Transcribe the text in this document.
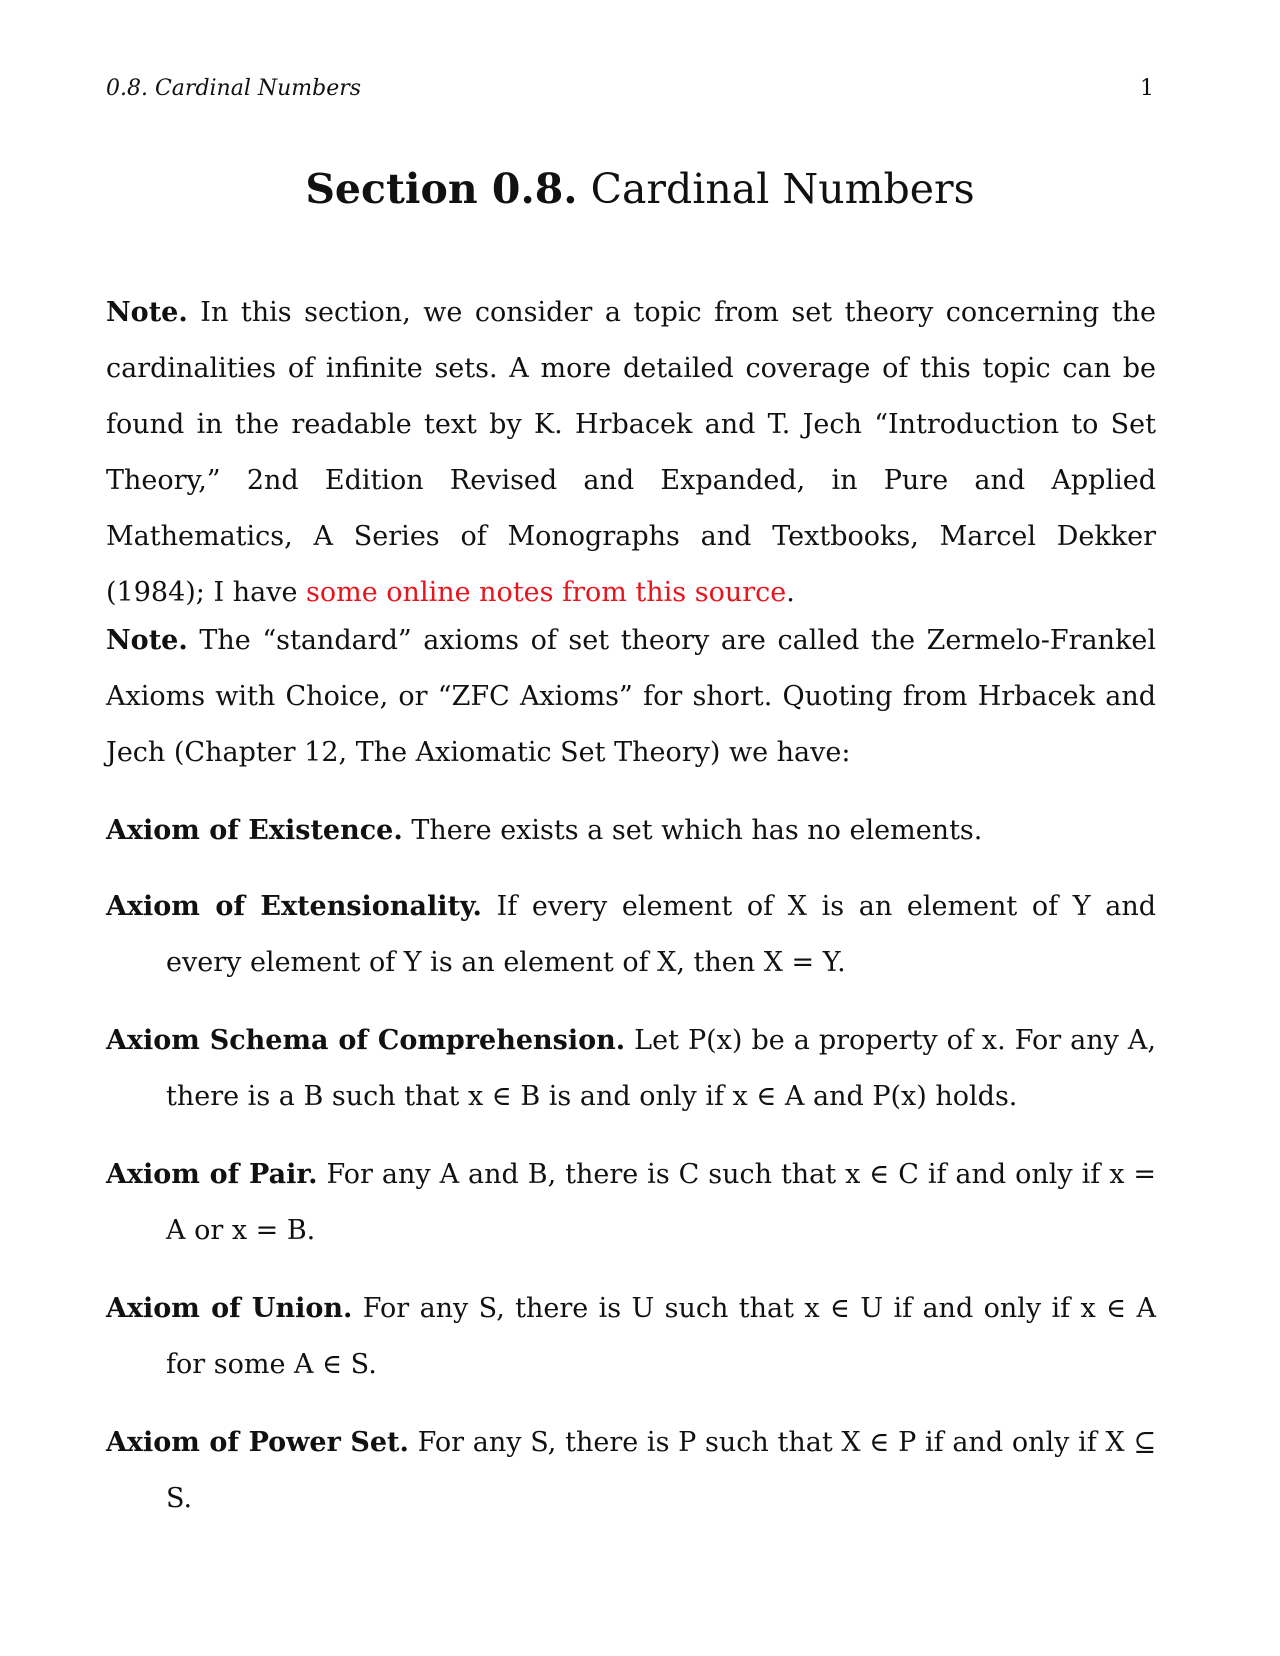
0.8. Cardinal Numbers	1
Section 0.8. Cardinal Numbers

Note. In this section, we consider a topic from set theory concerning the cardinalities of infinite sets. A more detailed coverage of this topic can be found in the readable text by K. Hrbacek and T. Jech “Introduction to Set Theory,” 2nd Edition Revised and Expanded, in Pure and Applied Mathematics, A Series of Monographs and Textbooks, Marcel Dekker (1984); I have some online notes from this source.

Note. The “standard” axioms of set theory are called the Zermelo-Frankel Axioms with Choice, or “ZFC Axioms” for short. Quoting from Hrbacek and Jech (Chapter 12, The Axiomatic Set Theory) we have:

Axiom of Existence. There exists a set which has no elements.

Axiom of Extensionality. If every element of X is an element of Y and every element of Y is an element of X, then X = Y.

Axiom Schema of Comprehension. Let P(x) be a property of x. For any A, there is a B such that x ∈ B is and only if x ∈ A and P(x) holds.

Axiom of Pair. For any A and B, there is C such that x ∈ C if and only if x = A or x = B.

Axiom of Union. For any S, there is U such that x ∈ U if and only if x ∈ A for some A ∈ S.

Axiom of Power Set. For any S, there is P such that X ∈ P if and only if X ⊆ S.
